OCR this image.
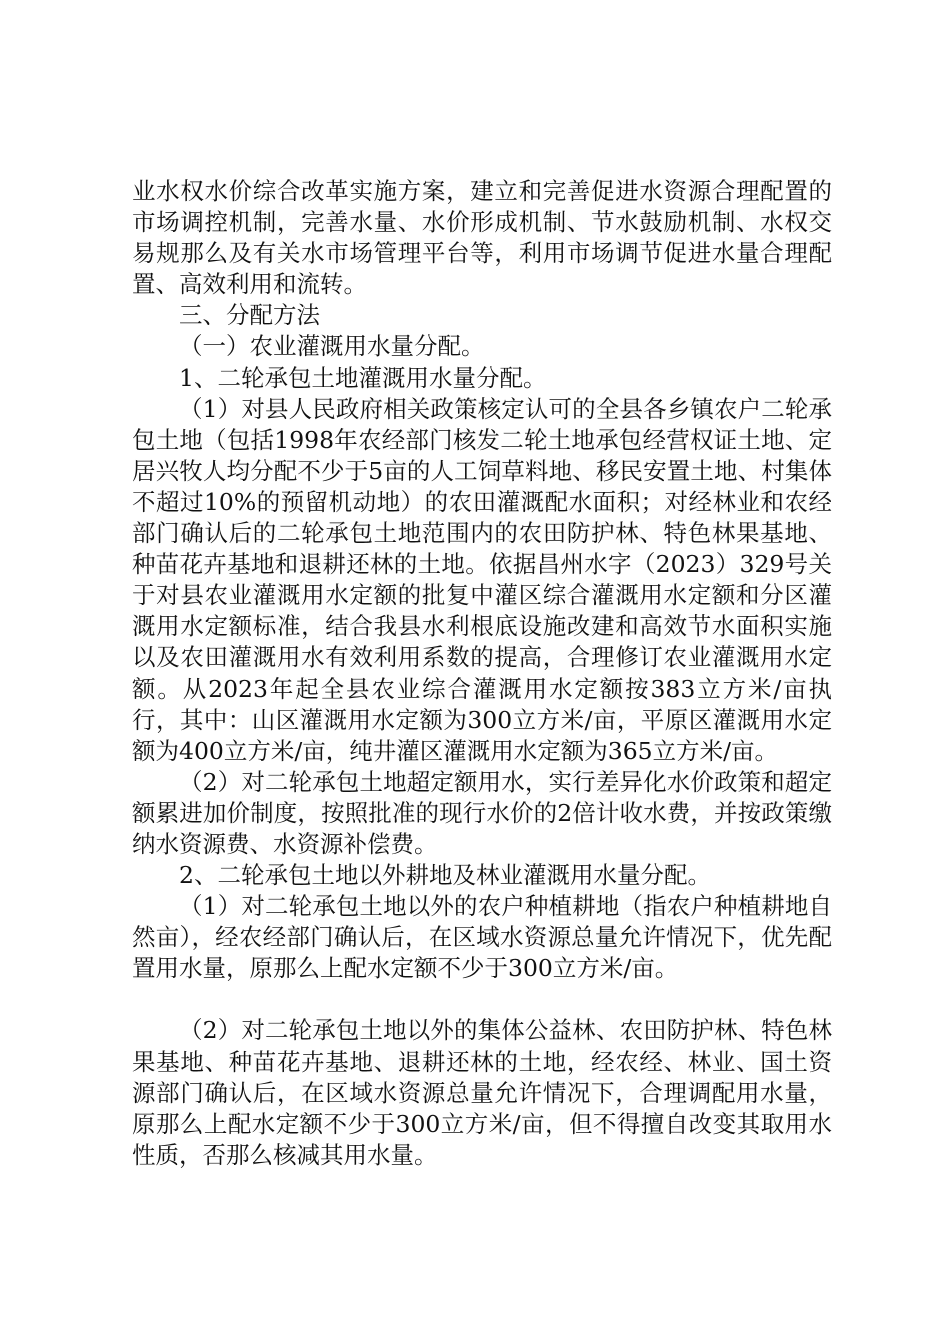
业水权水价综合改革实施方案，建立和完善促进水资源合理配置的市场调控机制，完善水量、水价形成机制、节水鼓励机制、水权交易规那么及有关水市场管理平台等，利用市场调节促进水量合理配置、高效利用和流转。

三、分配方法

（一）农业灌溉用水量分配。

1、二轮承包土地灌溉用水量分配。

（1）对县人民政府相关政策核定认可的全县各乡镇农户二轮承包土地（包括1998年农经部门核发二轮土地承包经营权证土地、定居兴牧人均分配不少于5亩的人工饲草料地、移民安置土地、村集体不超过10%的预留机动地）的农田灌溉配水面积；对经林业和农经部门确认后的二轮承包土地范围内的农田防护林、特色林果基地、种苗花卉基地和退耕还林的土地。依据昌州水字（2023）329号关于对县农业灌溉用水定额的批复中灌区综合灌溉用水定额和分区灌溉用水定额标准，结合我县水利根底设施改建和高效节水面积实施以及农田灌溉用水有效利用系数的提高，合理修订农业灌溉用水定额。从2023年起全县农业综合灌溉用水定额按383立方米/亩执行，其中：山区灌溉用水定额为300立方米/亩，平原区灌溉用水定额为400立方米/亩，纯井灌区灌溉用水定额为365立方米/亩。

（2）对二轮承包土地超定额用水，实行差异化水价政策和超定额累进加价制度，按照批准的现行水价的2倍计收水费，并按政策缴纳水资源费、水资源补偿费。

2、二轮承包土地以外耕地及林业灌溉用水量分配。

（1）对二轮承包土地以外的农户种植耕地（指农户种植耕地自然亩），经农经部门确认后，在区域水资源总量允许情况下，优先配置用水量，原那么上配水定额不少于300立方米/亩。

（2）对二轮承包土地以外的集体公益林、农田防护林、特色林果基地、种苗花卉基地、退耕还林的土地，经农经、林业、国土资源部门确认后，在区域水资源总量允许情况下，合理调配用水量，原那么上配水定额不少于300立方米/亩，但不得擅自改变其取用水性质，否那么核减其用水量。
